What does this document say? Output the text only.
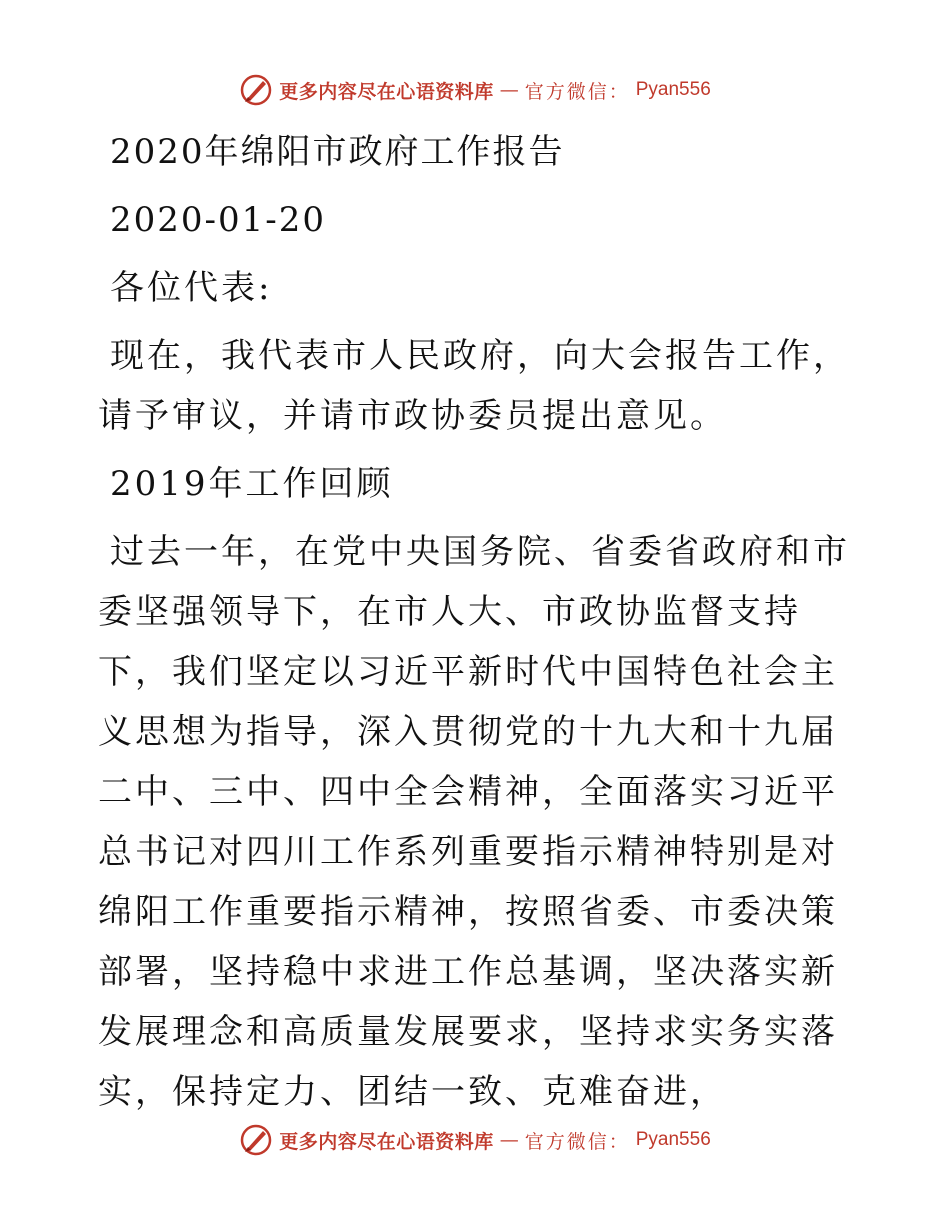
更多内容尽在心语资料库 — 官方微信： Pyan556

2020年绵阳市政府工作报告

2020-01-20

各位代表:

现在，我代表市人民政府，向大会报告工作，请予审议，并请市政协委员提出意见。

2019年工作回顾

过去一年，在党中央国务院、省委省政府和市委坚强领导下，在市人大、市政协监督支持下，我们坚定以习近平新时代中国特色社会主义思想为指导，深入贯彻党的十九大和十九届二中、三中、四中全会精神，全面落实习近平总书记对四川工作系列重要指示精神特别是对绵阳工作重要指示精神，按照省委、市委决策部署，坚持稳中求进工作总基调，坚决落实新发展理念和高质量发展要求，坚持求实务实落实，保持定力、团结一致、克难奋进，

更多内容尽在心语资料库 — 官方微信： Pyan556
